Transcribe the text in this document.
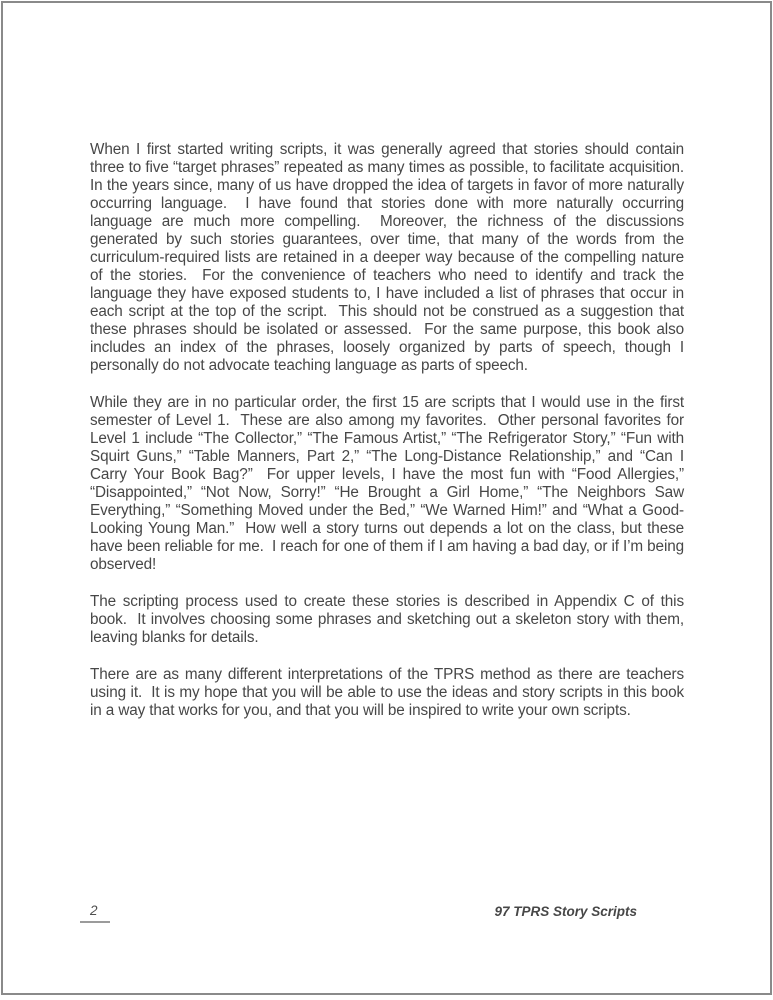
When I first started writing scripts, it was generally agreed that stories should contain three to five “target phrases” repeated as many times as possible, to facilitate acquisition.  In the years since, many of us have dropped the idea of targets in favor of more naturally occurring language.  I have found that stories done with more naturally occurring language are much more compelling.  Moreover, the richness of the discussions generated by such stories guarantees, over time, that many of the words from the curriculum-required lists are retained in a deeper way because of the compelling nature of the stories.  For the convenience of teachers who need to identify and track the language they have exposed students to, I have included a list of phrases that occur in each script at the top of the script.  This should not be construed as a suggestion that these phrases should be isolated or assessed.  For the same purpose, this book also includes an index of the phrases, loosely organized by parts of speech, though I personally do not advocate teaching language as parts of speech.

While they are in no particular order, the first 15 are scripts that I would use in the first semester of Level 1.  These are also among my favorites.  Other personal favorites for Level 1 include “The Collector,” “The Famous Artist,” “The Refrigerator Story,” “Fun with Squirt Guns,” “Table Manners, Part 2,” “The Long-Distance Relationship,” and “Can I Carry Your Book Bag?”  For upper levels, I have the most fun with “Food Allergies,” “Disappointed,” “Not Now, Sorry!” “He Brought a Girl Home,” “The Neighbors Saw Everything,” “Something Moved under the Bed,” “We Warned Him!” and “What a Good-Looking Young Man.”  How well a story turns out depends a lot on the class, but these have been reliable for me.  I reach for one of them if I am having a bad day, or if I’m being observed!

The scripting process used to create these stories is described in Appendix C of this book.  It involves choosing some phrases and sketching out a skeleton story with them, leaving blanks for details.

There are as many different interpretations of the TPRS method as there are teachers using it.  It is my hope that you will be able to use the ideas and story scripts in this book in a way that works for you, and that you will be inspired to write your own scripts.

2	97 TPRS Story Scripts
